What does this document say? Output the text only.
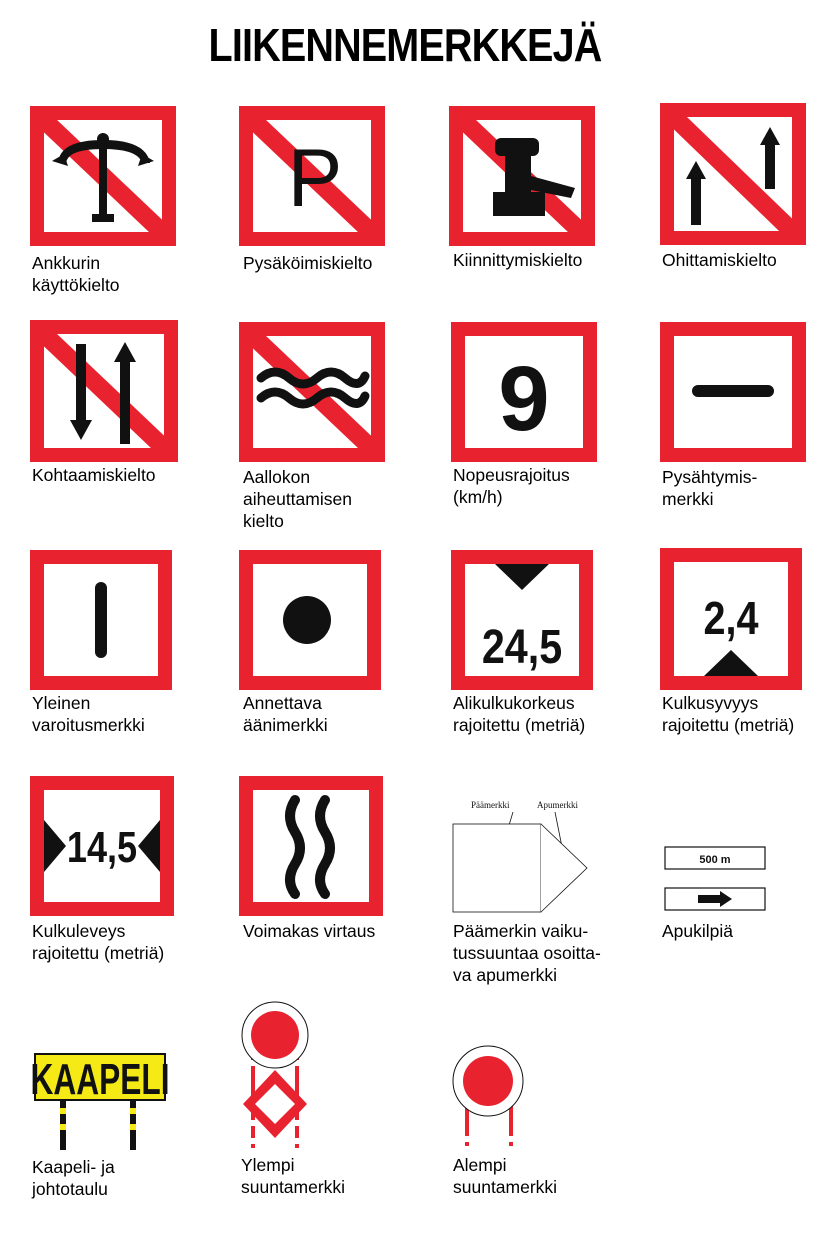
LIIKENNEMERKKEJÄ
Ankkurin
käyttökielto
P
Pysäköimiskielto	Kiinnittymiskielto	Ohittamiskielto
Kohtaamiskielto	Aallokon
aiheuttamisen
kielto
9
Nopeusrajoitus
(km/h)
Pysähtymis-
merkki
Yleinen
varoitusmerkki
Annettava
äänimerkki
24,5
Alikulkukorkeus
rajoitettu (metriä)
2,4
Kulkusyvyys
rajoitettu (metriä)
14,5
Kulkuleveys
rajoitettu (metriä)
Voimakas virtaus
Päämerkki	Apumerkki
Päämerkin vaiku-
tussuuntaa osoitta-
va apumerkki
500 m
Apukilpiä
KAAPELI
Kaapeli- ja
johtotaulu
Ylempi
suuntamerkki
Alempi
suuntamerkki
